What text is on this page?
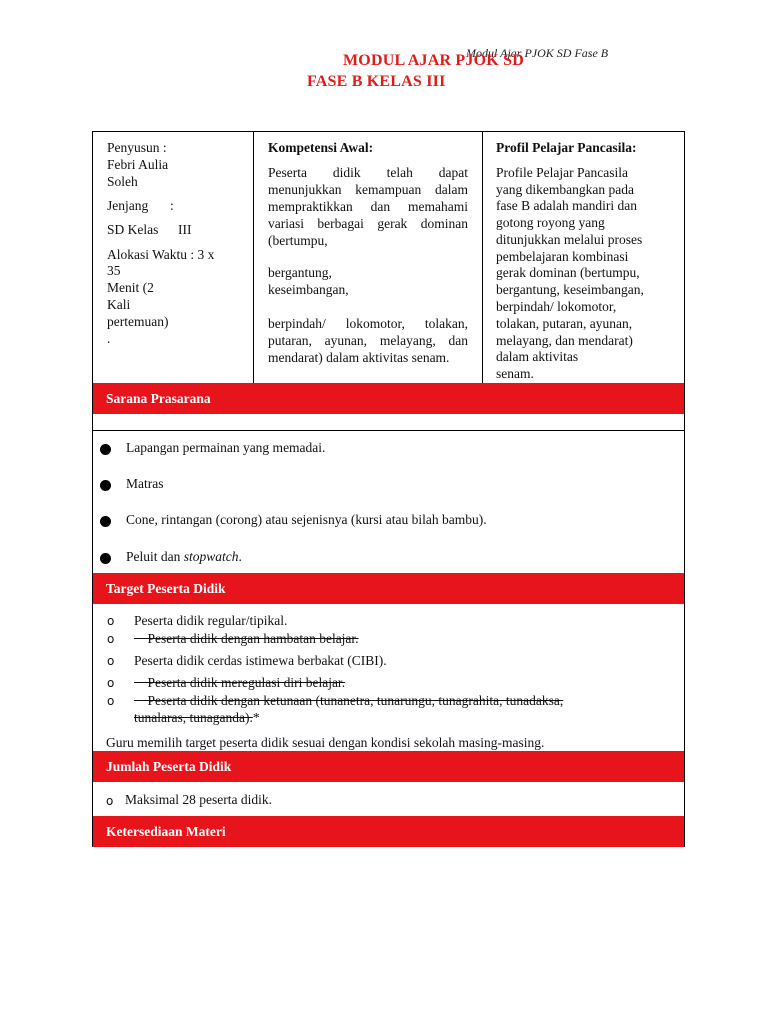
Modul Ajar PJOK SD Fase B
MODUL AJAR PJOK SD
FASE B KELAS III
Penyusun :
Febri Aulia
Soleh
Jenjang :
SD Kelas III
Alokasi Waktu : 3 x
35
Menit (2
Kali
pertemuan)
.
Kompetensi Awal:
Peserta didik telah dapat menunjukkan kemampuan dalam mempraktikkan dan memahami variasi berbagai gerak dominan (bertumpu,
bergantung,
keseimbangan,
berpindah/ lokomotor, tolakan, putaran, ayunan, melayang, dan mendarat) dalam aktivitas senam.
Profil Pelajar Pancasila:
Profile Pelajar Pancasila
yang dikembangkan pada
fase B adalah mandiri dan
gotong royong yang
ditunjukkan melalui proses
pembelajaran kombinasi
gerak dominan (bertumpu,
bergantung, keseimbangan,
berpindah/ lokomotor,
tolakan, putaran, ayunan,
melayang, dan mendarat)
dalam aktivitas
senam.
Sarana Prasarana
Lapangan permainan yang memadai.
Matras
Cone, rintangan (corong) atau sejenisnya (kursi atau bilah bambu).
Peluit dan stopwatch.
Target Peserta Didik
o Peserta didik regular/tipikal.
o	Peserta didik dengan hambatan belajar.
o Peserta didik cerdas istimewa berbakat (CIBI).
o	Peserta didik meregulasi diri belajar.
o	Peserta didik dengan ketunaan (tunanetra, tunarungu, tunagrahita, tunadaksa,
tunalaras, tunaganda).*
Guru memilih target peserta didik sesuai dengan kondisi sekolah masing-masing.
Jumlah Peserta Didik
o Maksimal 28 peserta didik.
Ketersediaan Materi
